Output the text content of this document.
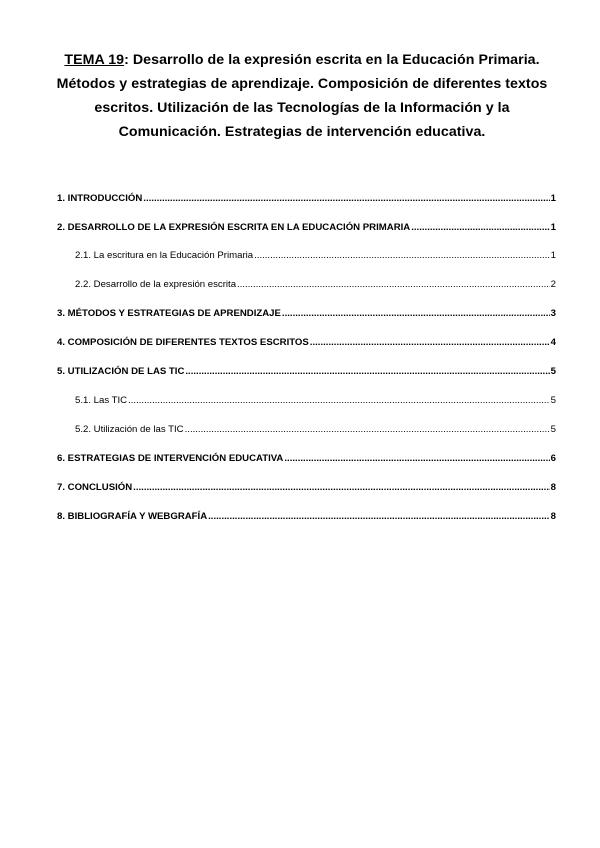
TEMA 19: Desarrollo de la expresión escrita en la Educación Primaria. Métodos y estrategias de aprendizaje. Composición de diferentes textos escritos. Utilización de las Tecnologías de la Información y la Comunicación. Estrategias de intervención educativa.
1. INTRODUCCIÓN .....	1
2. DESARROLLO DE LA EXPRESIÓN ESCRITA EN LA EDUCACIÓN PRIMARIA .....	1
2.1. La escritura en la Educación Primaria .....	1
2.2. Desarrollo de la expresión escrita .....	2
3. MÉTODOS Y ESTRATEGIAS DE APRENDIZAJE .....	3
4. COMPOSICIÓN DE DIFERENTES TEXTOS ESCRITOS .....	4
5. UTILIZACIÓN DE LAS TIC .....	5
5.1. Las TIC .....	5
5.2. Utilización de las TIC .....	5
6. ESTRATEGIAS DE INTERVENCIÓN EDUCATIVA .....	6
7. CONCLUSIÓN .....	8
8. BIBLIOGRAFÍA Y WEBGRAFÍA .....	8
